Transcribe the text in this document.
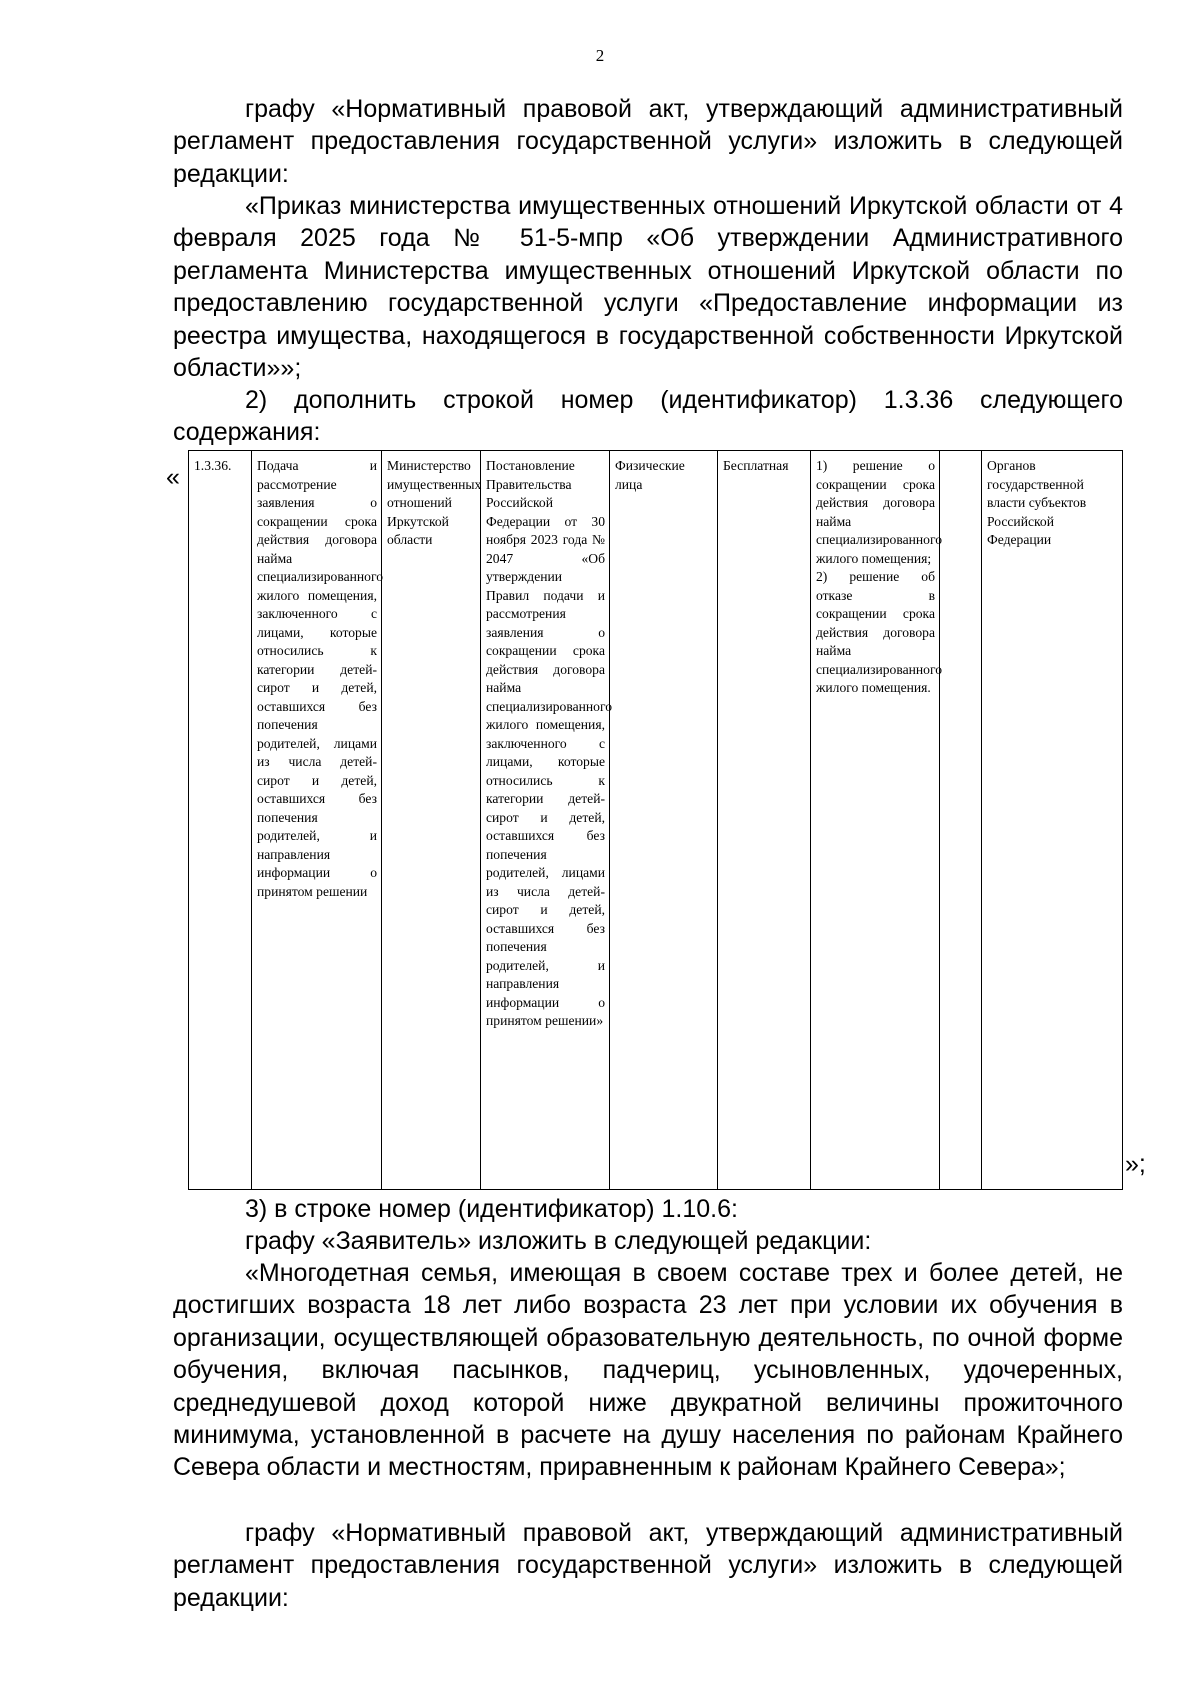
2

графу «Нормативный правовой акт, утверждающий административный регламент предоставления государственной услуги» изложить в следующей редакции:

«Приказ министерства имущественных отношений Иркутской области от 4 февраля 2025 года № 51-5-мпр «Об утверждении Административного регламента Министерства имущественных отношений Иркутской области по предоставлению государственной услуги «Предоставление информации из реестра имущества, находящегося в государственной собственности Иркутской области»»;

2) дополнить строкой номер (идентификатор) 1.3.36 следующего содержания:

« 1.3.36.	Подача и рассмотрение заявления о сокращении срока действия договора найма специализированного жилого помещения, заключенного с лицами, которые относились к категории детей-сирот и детей, оставшихся без попечения родителей, лицами из числа детей-сирот и детей, оставшихся без попечения родителей, и направления информации о принятом решении	Министерство имущественных отношений Иркутской области	Постановление Правительства Российской Федерации от 30 ноября 2023 года № 2047 «Об утверждении Правил подачи и рассмотрения заявления о сокращении срока действия договора найма специализированного жилого помещения, заключенного с лицами, которые относились к категории детей-сирот и детей, оставшихся без попечения родителей, лицами из числа детей-сирот и детей, оставшихся без попечения родителей, и направления информации о принятом решении»	Физические лица	Бесплатная	1) решение о сокращении срока действия договора найма специализированного жилого помещения;
2) решение об отказе в сокращении срока действия договора найма специализированного жилого помещения.
		Органов государственной власти субъектов Российской Федерации
»;

3) в строке номер (идентификатор) 1.10.6:

графу «Заявитель» изложить в следующей редакции:

«Многодетная семья, имеющая в своем составе трех и более детей, не достигших возраста 18 лет либо возраста 23 лет при условии их обучения в организации, осуществляющей образовательную деятельность, по очной форме обучения, включая пасынков, падчериц, усыновленных, удочеренных, среднедушевой доход которой ниже двукратной величины прожиточного минимума, установленной в расчете на душу населения по районам Крайнего Севера области и местностям, приравненным к районам Крайнего Севера»;

графу «Нормативный правовой акт, утверждающий административный регламент предоставления государственной услуги» изложить в следующей редакции:
